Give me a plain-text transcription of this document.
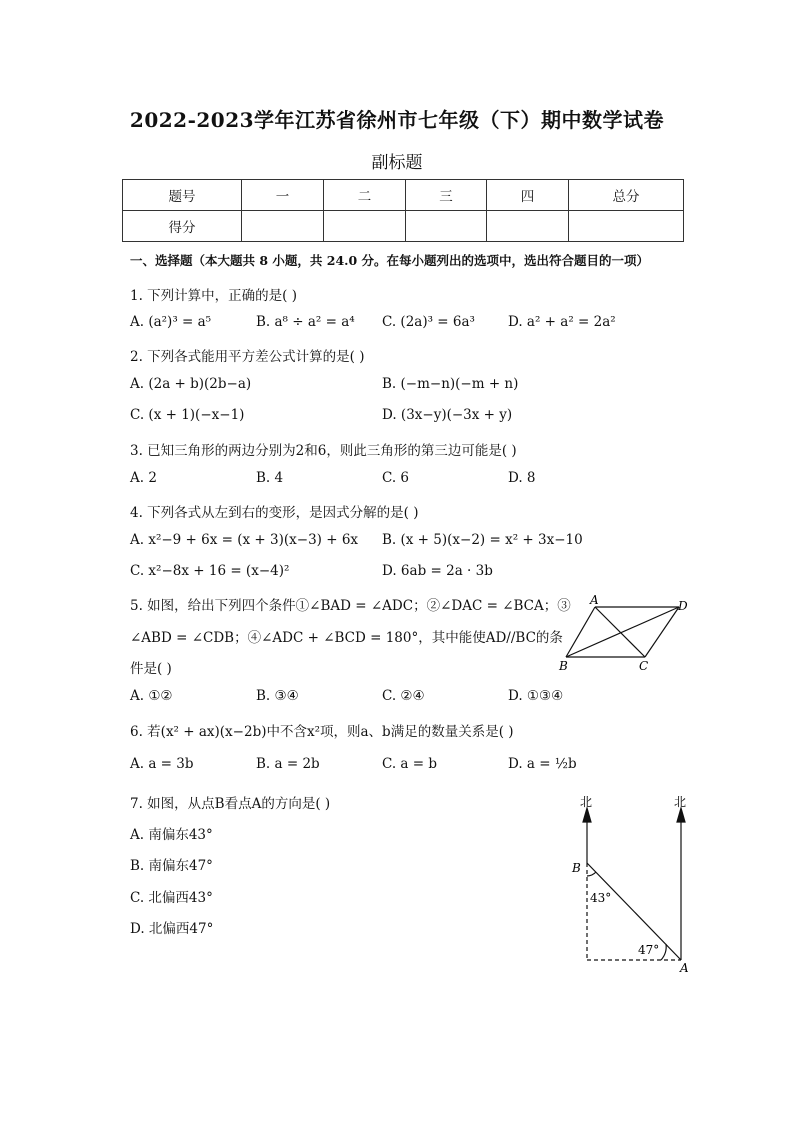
2022-2023学年江苏省徐州市七年级（下）期中数学试卷
副标题
题号	一	二	三	四	总分
得分					
一、选择题（本大题共 8 小题，共 24.0 分。在每小题列出的选项中，选出符合题目的一项）
1. 下列计算中，正确的是( )
A. (a²)³ = a⁵	B. a⁸ ÷ a² = a⁴ C. (2a)³ = 6a³ D. a² + a² = 2a²
2. 下列各式能用平方差公式计算的是( )
A. (2a + b)(2b−a)	B. (−m−n)(−m + n)
C. (x + 1)(−x−1)	D. (3x−y)(−3x + y)
3. 已知三角形的两边分别为2和6，则此三角形的第三边可能是( )
A. 2	B. 4	C. 6	D. 8
4. 下列各式从左到右的变形，是因式分解的是( )
A. x²−9 + 6x = (x + 3)(x−3) + 6x B. (x + 5)(x−2) = x² + 3x−10
C. x²−8x + 16 = (x−4)²	D. 6ab = 2a · 3b
5. 如图，给出下列四个条件①∠BAD = ∠ADC；②∠DAC = ∠BCA；③
∠ABD = ∠CDB；④∠ADC + ∠BCD = 180°，其中能使AD//BC的条
件是( )
A. ①②	B. ③④	C. ②④	D. ①③④
A	D
B	C
6. 若(x² + ax)(x−2b)中不含x²项，则a、b满足的数量关系是( )
A. a = 3b	B. a = 2b	C. a = b	D. a = ½b
7. 如图，从点B看点A的方向是( )
A. 南偏东43°
B. 南偏东47°
C. 北偏西43°
D. 北偏西47°
北	北
B
A
43°
47°
